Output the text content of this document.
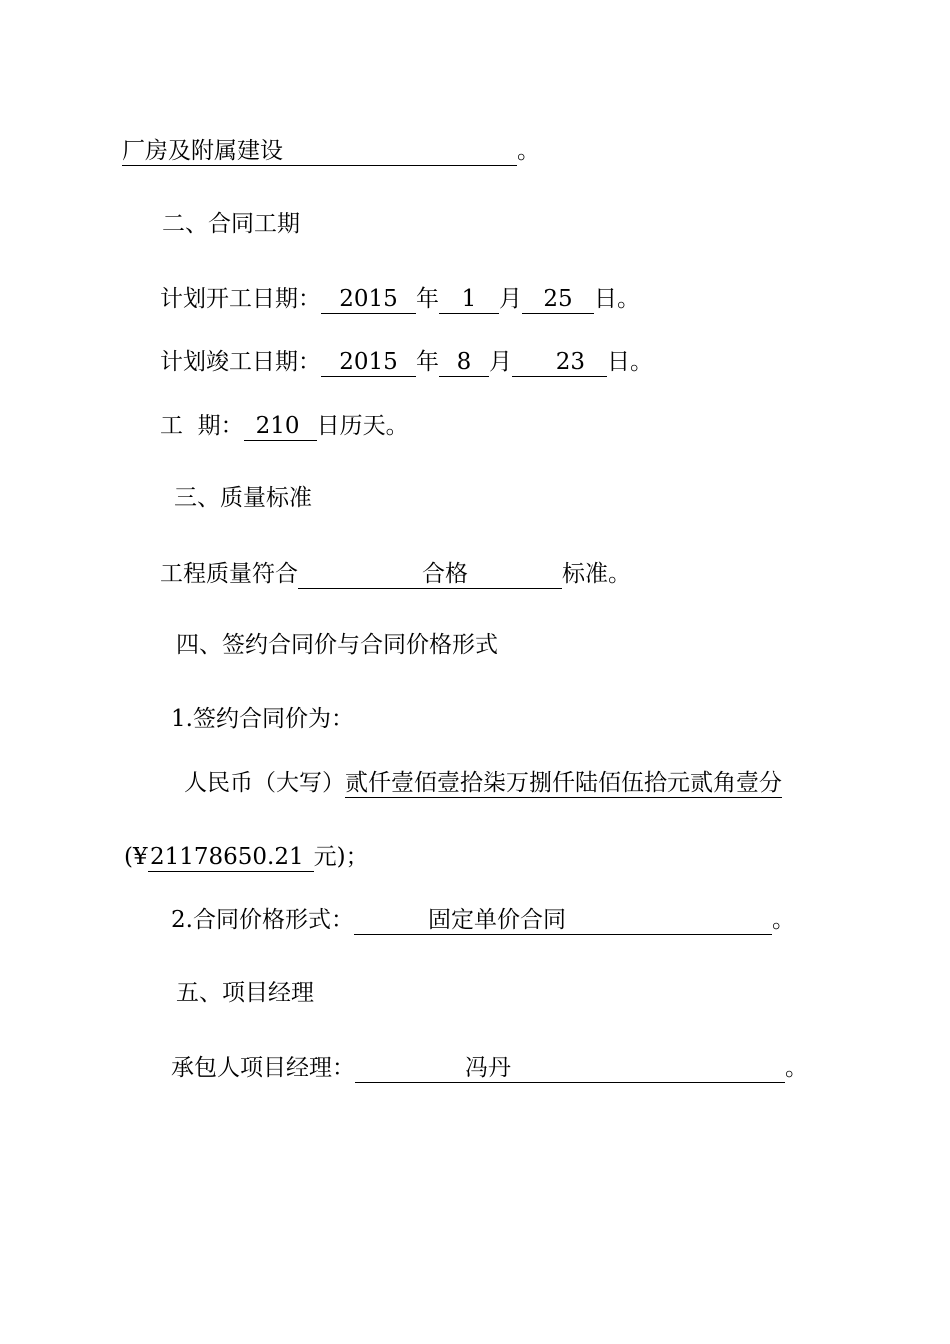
厂房及附属建设	。
二、合同工期
计划开工日期： 2015 年 1 月 25 日。
计划竣工日期： 2015 年 8 月 23 日。
工  期： 210 日历天。
三、质量标准
工程质量符合	合格	标准。
四、签约合同价与合同价格形式
1.签约合同价为：
人民币（大写）贰仟壹佰壹拾柒万捌仟陆佰伍拾元贰角壹分
(¥ 21178650.21 元)；
2.合同价格形式：	固定单价合同	。
五、项目经理
承包人项目经理：	冯丹	。
